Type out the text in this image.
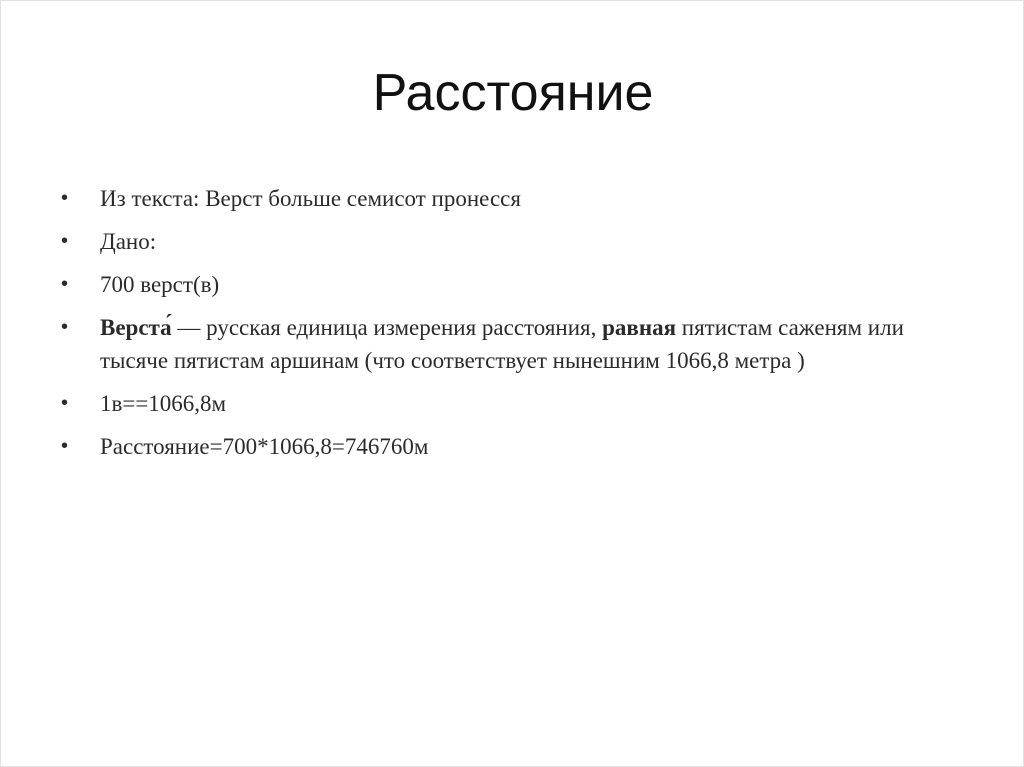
Расстояние
• Из текста: Верст больше семисот пронесся
• Дано:
• 700 верст(в)
• Верста́ — русская единица измерения расстояния, равная пятистам саженям или тысяче пятистам аршинам (что соответствует нынешним 1066,8 метра )
• 1в==1066,8м
• Расстояние=700*1066,8=746760м
